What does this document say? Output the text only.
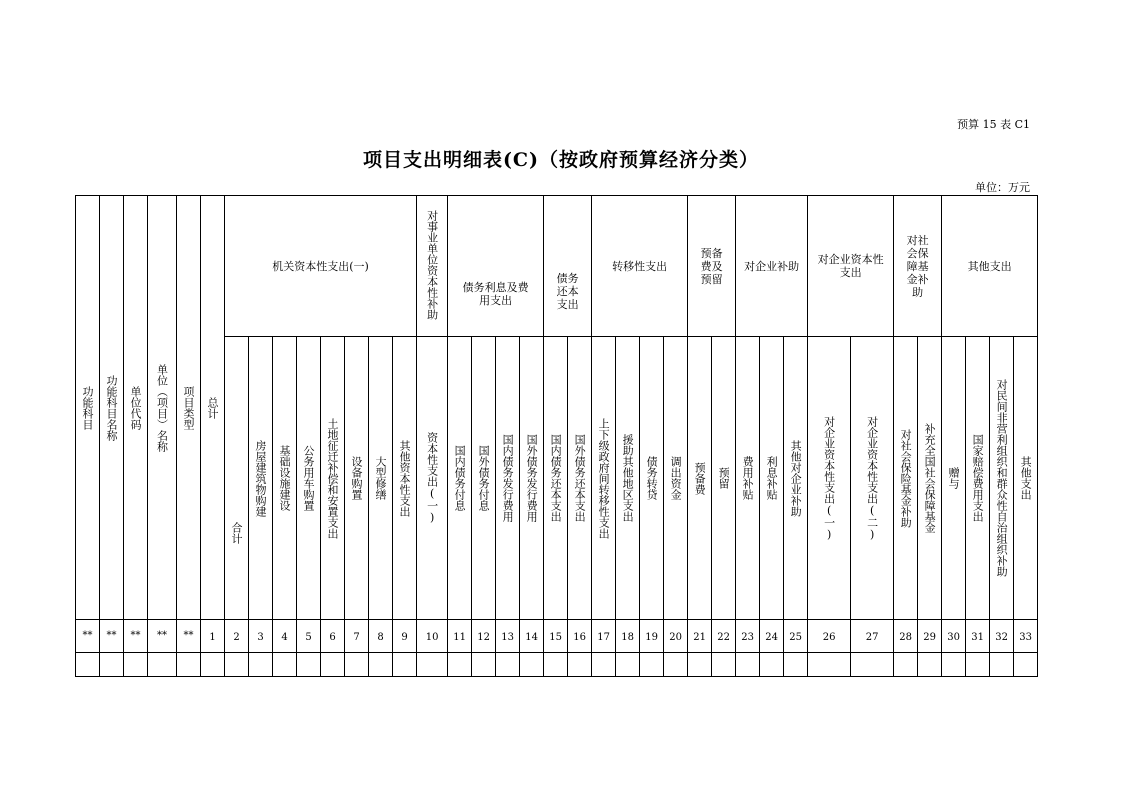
预算 15 表 C1
项目支出明细表(C)（按政府预算经济分类）
单位：万元
功能科目	功能科目名称	单位代码	单位（项目）名称	项目类型	总计	机关资本性支出(一)								对事业单位资本性补助	债务利息及费用支出				债务还本支出		转移性支出				预备费及预留		对企业补助			对企业资本性支出		对社会保障基金补助		其他支出			

						合计	房屋建筑物购建	基础设施建设	公务用车购置	土地征迁补偿和安置支出	设备购置	大型修缮	其他资本性支出	资本性支出(一)	国内债务付息	国外债务付息	国内债务发行费用	国外债务发行费用	国内债务还本支出	国外债务还本支出	上下级政府间转移性支出	援助其他地区支出	债务转贷	调出资金	预备费	预留	费用补贴	利息补贴	其他对企业补助	对企业资本性支出(一)	对企业资本性支出(二)	对社会保险基金补助	补充全国社会保障基金	赠与	国家赔偿费用支出	对民间非营利组织和群众性自治组织补助	其他支出

**	**	**	**	**	1	2	3	4	5	6	7	8	9	10	11	12	13	14	15	16	17	18	19	20	21	22	23	24	25	26	27	28	29	30	31	32	33
